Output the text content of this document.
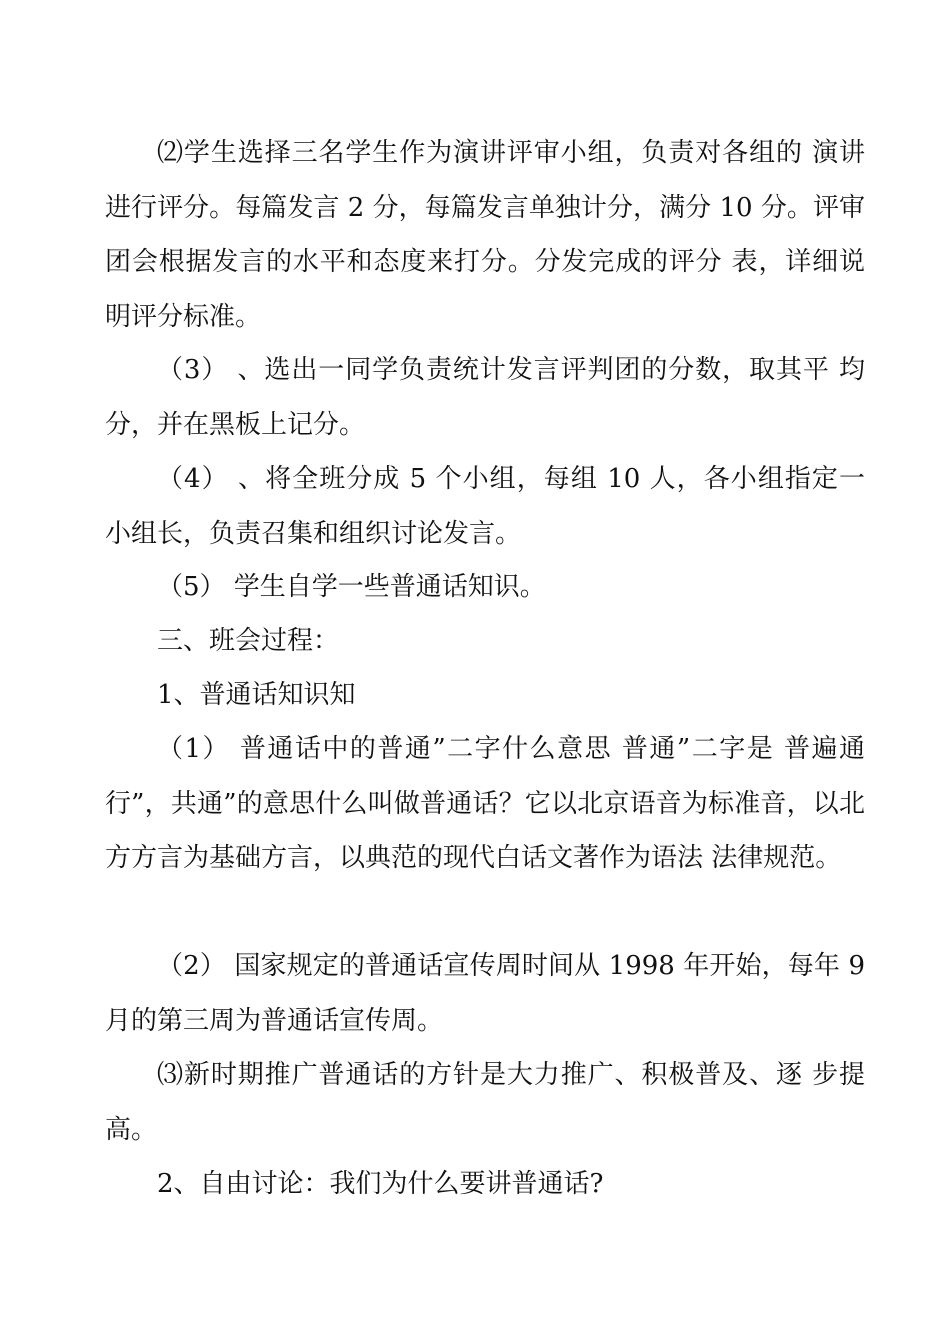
⑵学生选择三名学生作为演讲评审小组，负责对各组的 演讲进行评分。每篇发言 2 分，每篇发言单独计分，满分 10 分。评审团会根据发言的水平和态度来打分。分发完成的评分 表，详细说明评分标准。

（3） 、选出一同学负责统计发言评判团的分数，取其平 均分，并在黑板上记分。

（4） 、将全班分成 5 个小组，每组 10 人，各小组指定一 小组长，负责召集和组织讨论发言。

（5） 学生自学一些普通话知识。

三、班会过程：

1、普通话知识知

（1） 普通话中的普通”二字什么意思 普通”二字是 普遍通行”，共通”的意思什么叫做普通话？它以北京语音为标准音，以北方方言为基础方言，以典范的现代白话文著作为语法 法律规范。

（2） 国家规定的普通话宣传周时间从 1998 年开始，每年 9 月的第三周为普通话宣传周。

⑶新时期推广普通话的方针是大力推广、积极普及、逐 步提高。

2、自由讨论：我们为什么要讲普通话?
